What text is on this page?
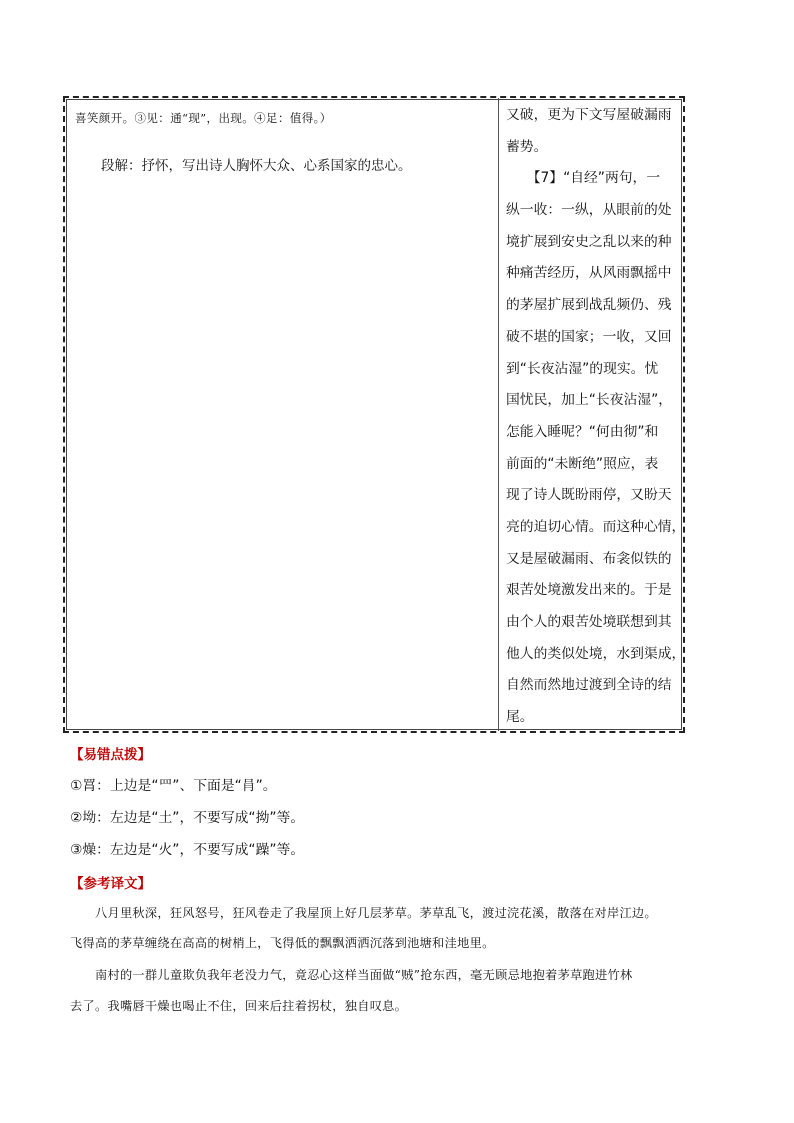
喜笑颜开。③见：通“现”，出现。④足：值得。）
段解：抒怀，写出诗人胸怀大众、心系国家的忠心。
又破，更为下文写屋破漏雨
蓄势。
　　【7】“自经”两句，一
纵一收：一纵，从眼前的处
境扩展到安史之乱以来的种
种痛苦经历，从风雨飘摇中
的茅屋扩展到战乱频仍、残
破不堪的国家；一收，又回
到“长夜沾湿”的现实。忧
国忧民，加上“长夜沾湿”，
怎能入睡呢？“何由彻”和
前面的“未断绝”照应，表
现了诗人既盼雨停，又盼天
亮的迫切心情。而这种心情，
又是屋破漏雨、布衾似铁的
艰苦处境激发出来的。于是
由个人的艰苦处境联想到其
他人的类似处境，水到渠成，
自然而然地过渡到全诗的结
尾。
【易错点拨】
①罥：上边是“罒”、下面是“肙”。
②坳：左边是“土”，不要写成“拗”等。
③燥：左边是“火”，不要写成“躁”等。
【参考译文】
　　八月里秋深，狂风怒号，狂风卷走了我屋顶上好几层茅草。茅草乱飞，渡过浣花溪，散落在对岸江边。
飞得高的茅草缠绕在高高的树梢上，飞得低的飘飘洒洒沉落到池塘和洼地里。
　　南村的一群儿童欺负我年老没力气，竟忍心这样当面做“贼”抢东西，毫无顾忌地抱着茅草跑进竹林
去了。我嘴唇干燥也喝止不住，回来后拄着拐杖，独自叹息。
